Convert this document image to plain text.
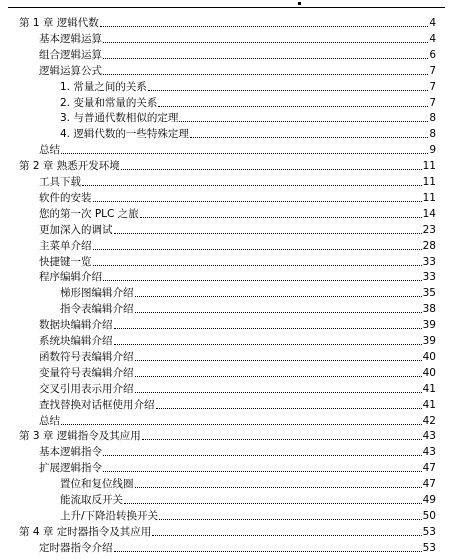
第 1 章 逻辑代数	4
基本逻辑运算	4
组合逻辑运算	6
逻辑运算公式	7
1. 常量之间的关系	7
2. 变量和常量的关系	7
3. 与普通代数相似的定理	8
4. 逻辑代数的一些特殊定理	8
总结	9
第 2 章 熟悉开发环境	11
工具下载	11
软件的安装	11
您的第一次 PLC 之旅	14
更加深入的调试	23
主菜单介绍	28
快捷键一览	33
程序编辑介绍	33
梯形图编辑介绍	35
指令表编辑介绍	38
数据块编辑介绍	39
系统块编辑介绍	39
函数符号表编辑介绍	40
变量符号表编辑介绍	40
交叉引用表示用介绍	41
查找替换对话框使用介绍	41
总结	42
第 3 章 逻辑指令及其应用	43
基本逻辑指令	43
扩展逻辑指令	47
置位和复位线圈	47
能流取反开关	49
上升/下降沿转换开关	50
第 4 章 定时器指令及其应用	53
定时器指令介绍	53
